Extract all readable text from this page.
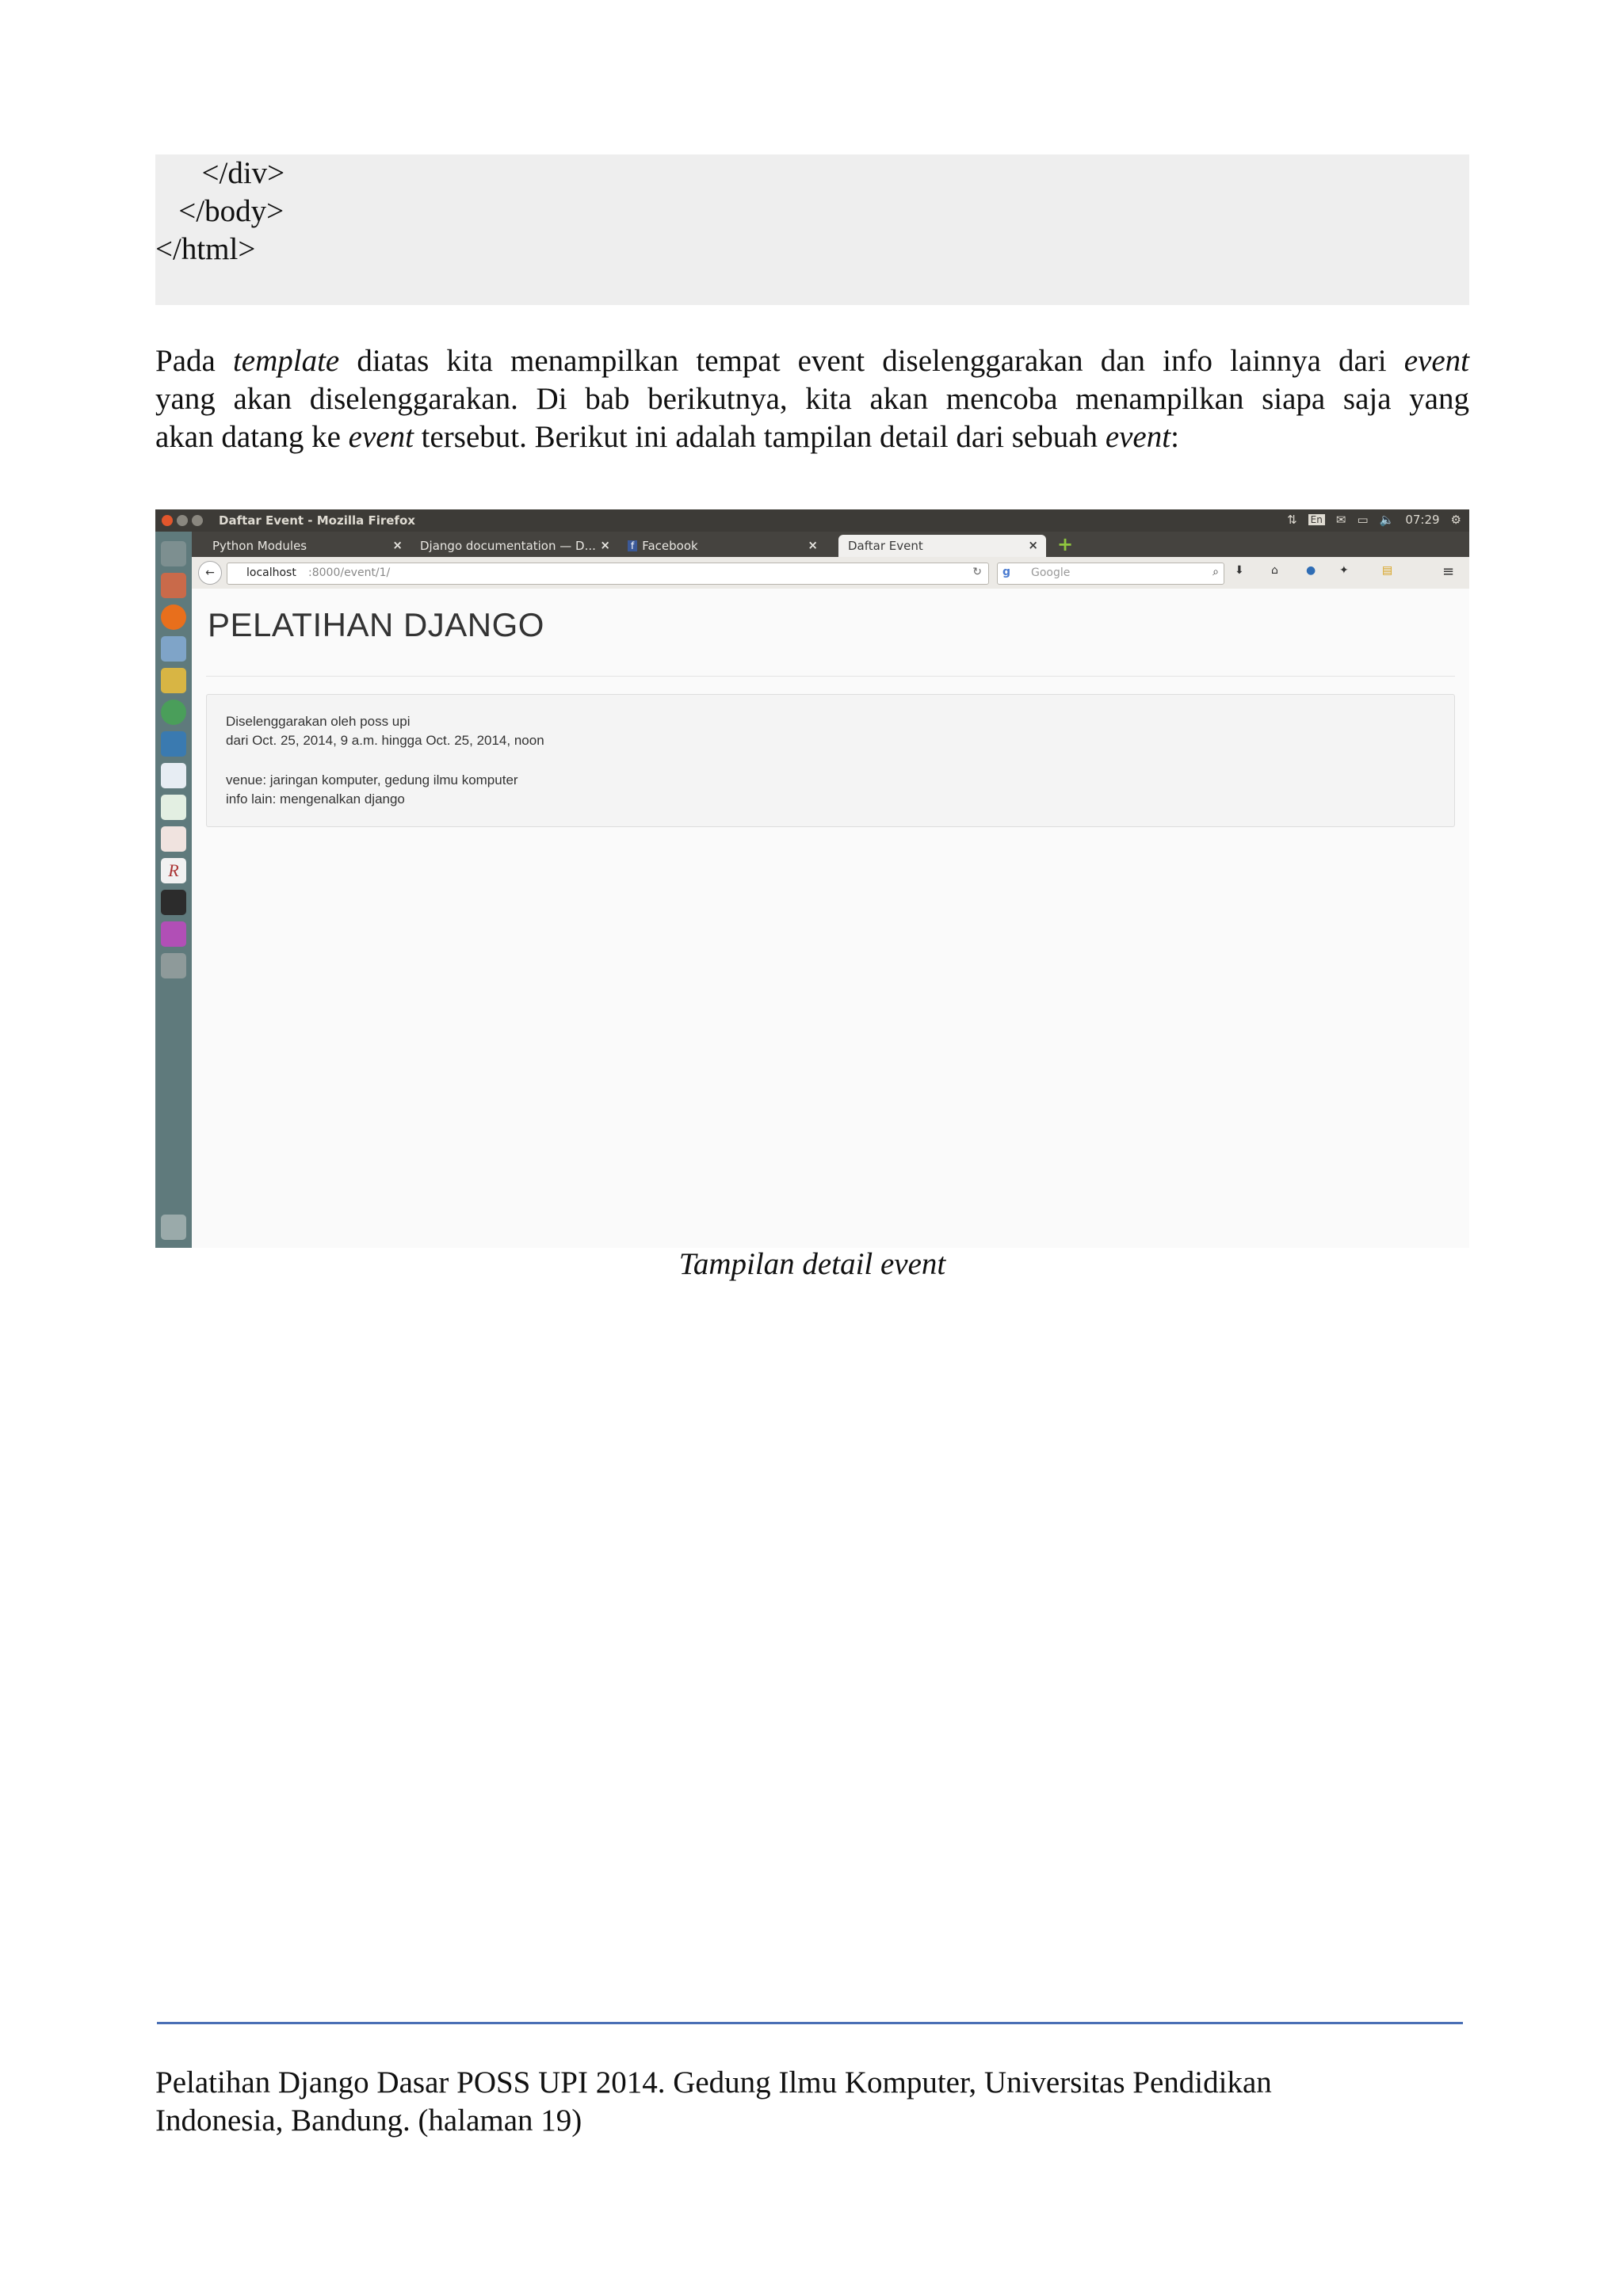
</div>
</body>
</html>
Pada template diatas kita menampilkan tempat event diselenggarakan dan info lainnya dari event
yang akan diselenggarakan. Di bab berikutnya, kita akan mencoba menampilkan siapa saja yang
akan datang ke event tersebut. Berikut ini adalah tampilan detail dari sebuah event:
Daftar Event - Mozilla Firefox	⇅ En ✉ ▭ 🔈 07:29 ⚙
R
Python Modules	× Django documentation — D... ×	f Facebook	×	Daftar Event	× +
←	localhost :8000/event/1/	↻ g Google	⌕ ⬇ ⌂	● ✦	▤	≡
PELATIHAN DJANGO
Diselenggarakan oleh poss upi
dari Oct. 25, 2014, 9 a.m. hingga Oct. 25, 2014, noon
venue: jaringan komputer, gedung ilmu komputer
info lain: mengenalkan django
Tampilan detail event
Pelatihan Django Dasar POSS UPI 2014. Gedung Ilmu Komputer, Universitas Pendidikan
Indonesia, Bandung. (halaman 19)
